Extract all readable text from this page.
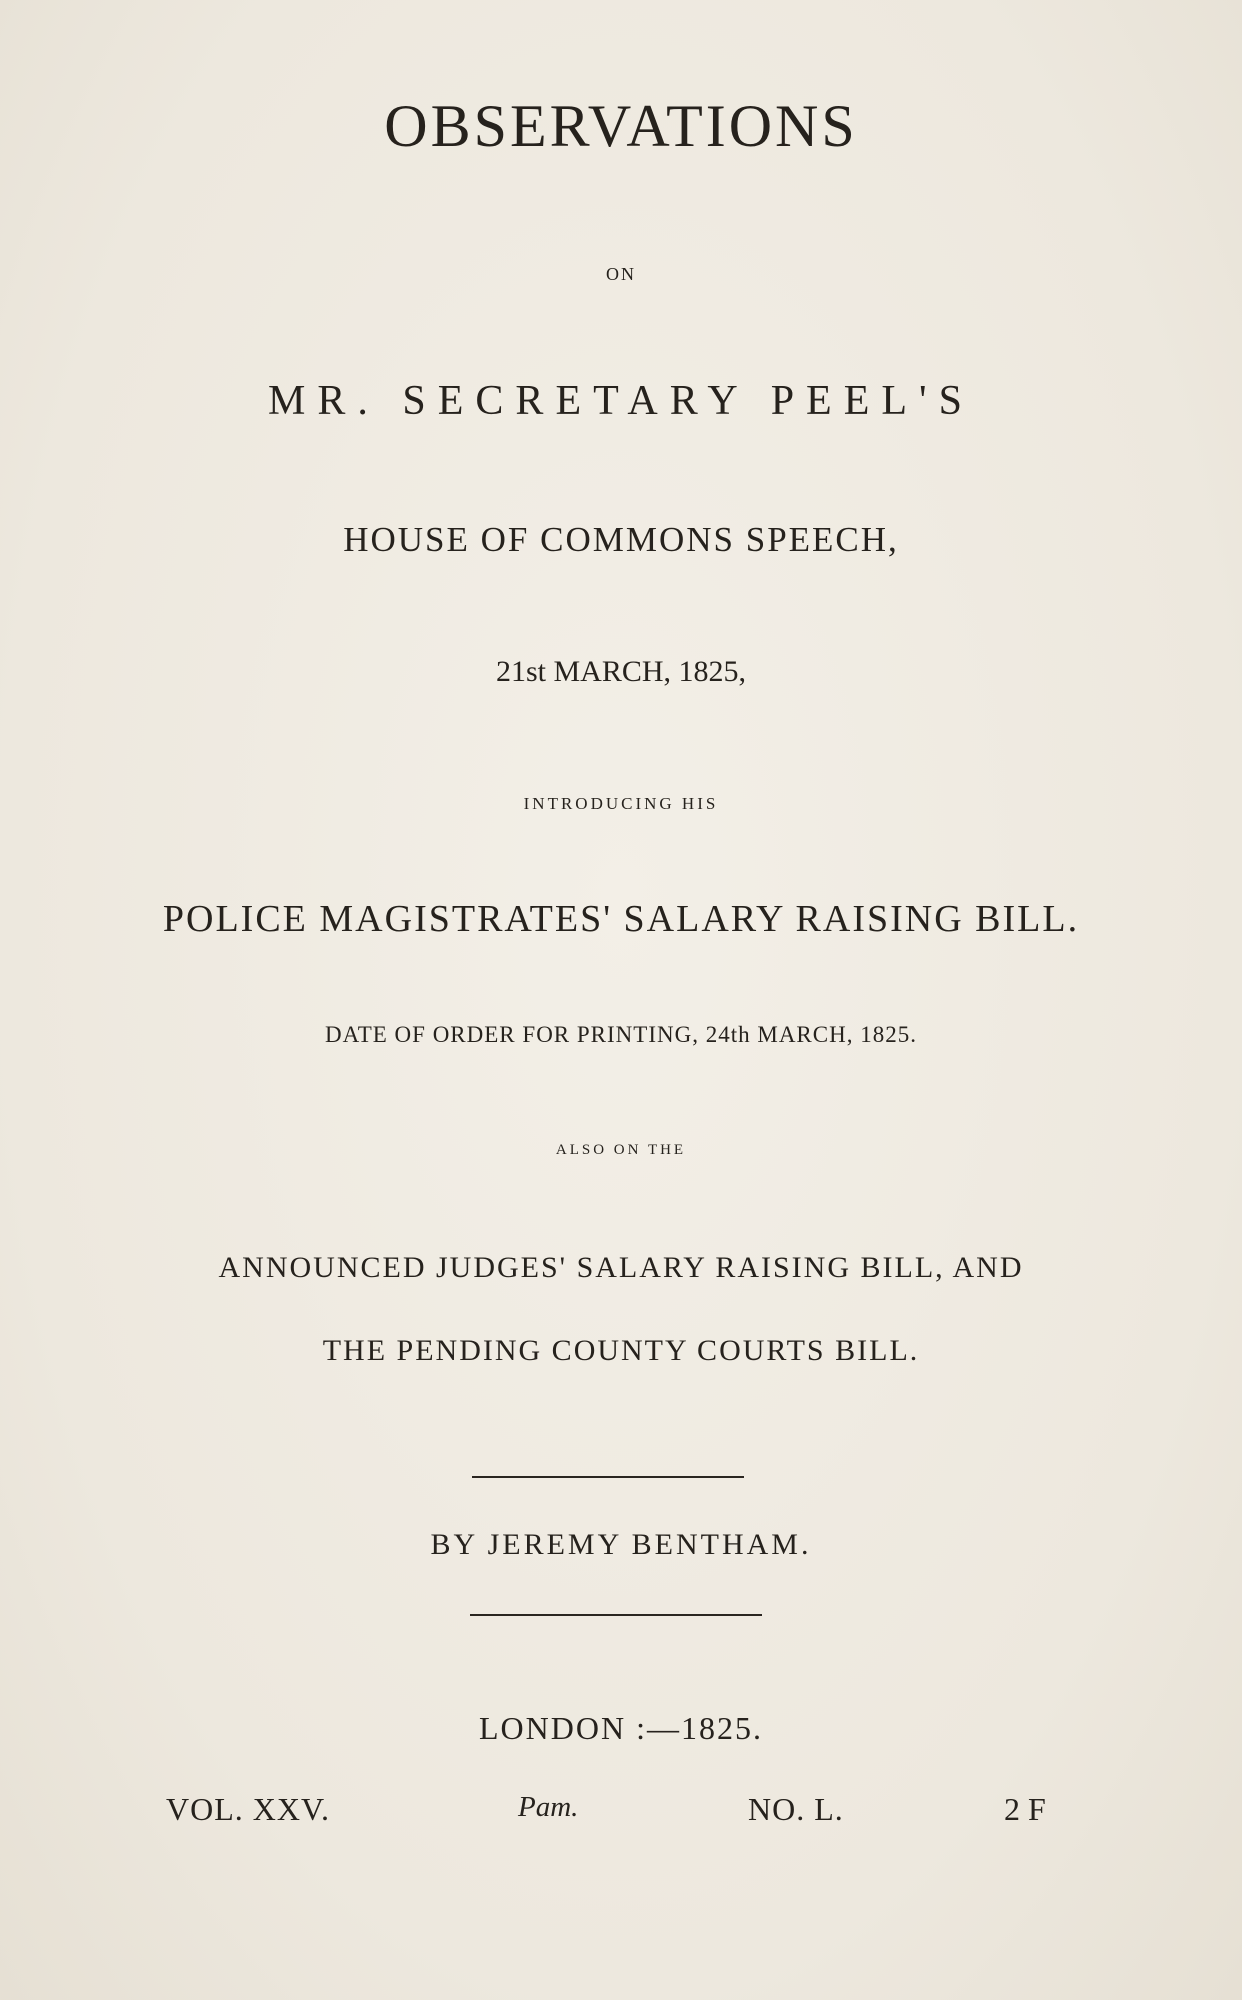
OBSERVATIONS
ON
MR. SECRETARY PEEL'S
HOUSE OF COMMONS SPEECH,
21st MARCH, 1825,
INTRODUCING HIS
POLICE MAGISTRATES' SALARY RAISING BILL.
DATE OF ORDER FOR PRINTING, 24th MARCH, 1825.
ALSO ON THE
ANNOUNCED JUDGES' SALARY RAISING BILL, AND
THE PENDING COUNTY COURTS BILL.
BY JEREMY BENTHAM.
LONDON :—1825.
VOL. XXV.	Pam.	NO. L.	2 F
